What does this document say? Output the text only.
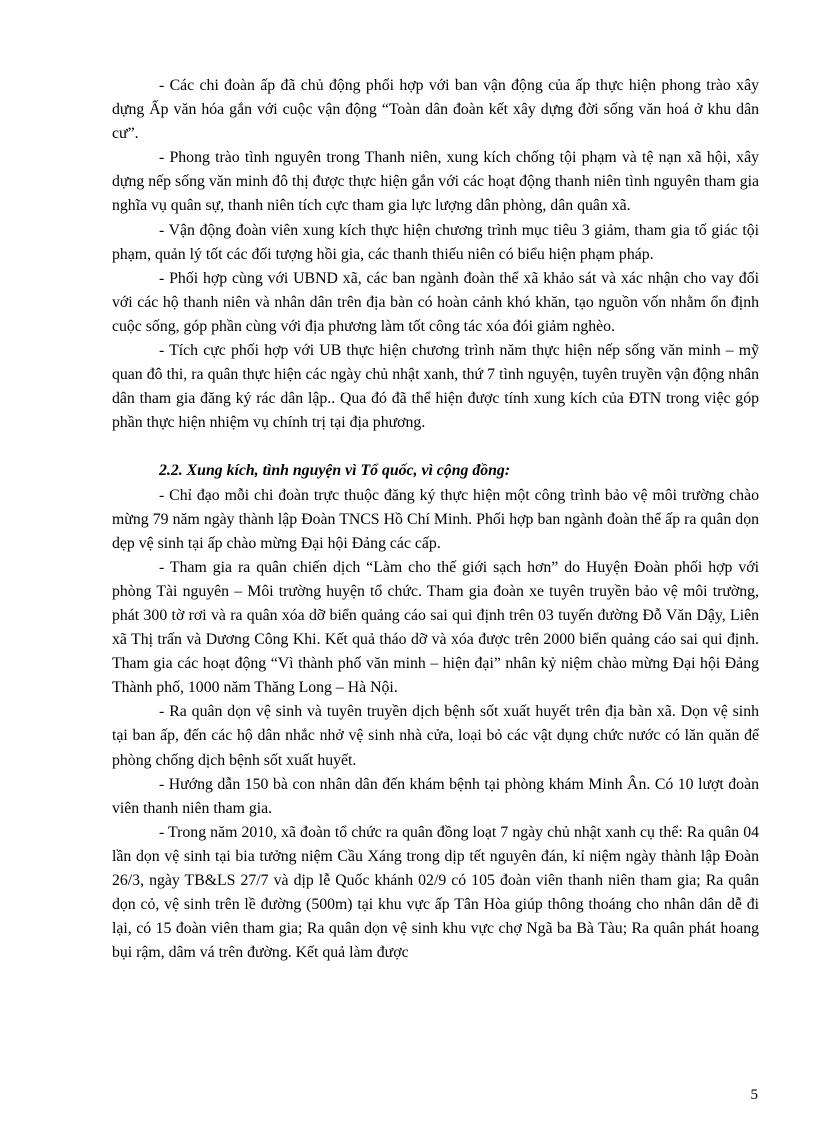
- Các chi đoàn ấp đã chủ động phối hợp với ban vận động của ấp thực hiện phong trào xây dựng Ấp văn hóa gắn với cuộc vận động “Toàn dân đoàn kết xây dựng đời sống văn hoá ở khu dân cư”.

- Phong trào tình nguyên trong Thanh niên, xung kích chống tội phạm và tệ nạn xã hội, xây dựng nếp sống văn minh đô thị được thực hiện gắn với các hoạt động thanh niên tình nguyên tham gia nghĩa vụ quân sự, thanh niên tích cực tham gia lực lượng dân phòng, dân quân xã.

- Vận động đoàn viên xung kích thực hiện chương trình mục tiêu 3 giảm, tham gia tố giác tội phạm, quản lý tốt các đối tượng hồi gia, các thanh thiếu niên có biểu hiện phạm pháp.

- Phối hợp cùng với UBND xã, các ban ngành đoàn thể xã khảo sát và xác nhận cho vay đối với các hộ thanh niên và nhân dân trên địa bàn có hoàn cảnh khó khăn, tạo nguồn vốn nhằm ổn định cuộc sống, góp phần cùng với địa phương làm tốt công tác xóa đói giảm nghèo.

- Tích cực phối hợp với UB thực hiện chương trình năm thực hiện nếp sống văn minh – mỹ quan đô thi, ra quân thực hiện các ngày chủ nhật xanh, thứ 7 tình nguyện, tuyên truyền vận động nhân dân tham gia đăng ký rác dân lập.. Qua đó đã thể hiện được tính xung kích của ĐTN trong việc góp phần thực hiện nhiệm vụ chính trị tại địa phương.

2.2. Xung kích, tình nguyện vì Tổ quốc, vì cộng đồng:

- Chỉ đạo mỗi chi đoàn trực thuộc đăng ký thực hiện một công trình bảo vệ môi trường chào mừng 79 năm ngày thành lập Đoàn TNCS Hồ Chí Minh. Phối hợp ban ngành đoàn thể ấp ra quân dọn dẹp vệ sinh tại ấp chào mừng Đại hội Đảng các cấp.

- Tham gia ra quân chiến dịch “Làm cho thế giới sạch hơn” do Huyện Đoàn phối hợp với phòng Tài nguyên – Môi trường huyện tổ chức. Tham gia đoàn xe tuyên truyền bảo vệ môi trường, phát 300 tờ rơi và ra quân xóa dỡ biển quảng cáo sai qui định trên 03 tuyến đường Đỗ Văn Dậy, Liên xã Thị trấn và Dương Công Khi. Kết quả tháo dỡ và xóa được trên 2000 biển quảng cáo sai qui định. Tham gia các hoạt động “Vì thành phố văn minh – hiện đại” nhân kỷ niệm chào mừng Đại hội Đảng Thành phố, 1000 năm Thăng Long – Hà Nội.

- Ra quân dọn vệ sinh và tuyên truyền dịch bệnh sốt xuất huyết trên địa bàn xã. Dọn vệ sinh tại ban ấp, đến các hộ dân nhắc nhở vệ sinh nhà cửa, loại bỏ các vật dụng chức nước có lăn quăn để phòng chống dịch bệnh sốt xuất huyết.

- Hướng dẫn 150 bà con nhân dân đến khám bệnh tại phòng khám Minh Ân. Có 10 lượt đoàn viên thanh niên tham gia.

- Trong năm 2010, xã đoàn tổ chức ra quân đồng loạt 7 ngày chủ nhật xanh cụ thể: Ra quân 04 lần dọn vệ sinh tại bia tưởng niệm Cầu Xáng trong dịp tết nguyên đán, kỉ niệm ngày thành lập Đoàn 26/3, ngày TB&LS 27/7 và dịp lễ Quốc khánh 02/9 có 105 đoàn viên thanh niên tham gia; Ra quân dọn cỏ, vệ sinh trên lề đường (500m) tại khu vực ấp Tân Hòa giúp thông thoáng cho nhân dân dễ đi lại, có 15 đoàn viên tham gia; Ra quân dọn vệ sinh khu vực chợ Ngã ba Bà Tàu; Ra quân phát hoang bụi rậm, dâm vá trên đường. Kết quả làm được

5
